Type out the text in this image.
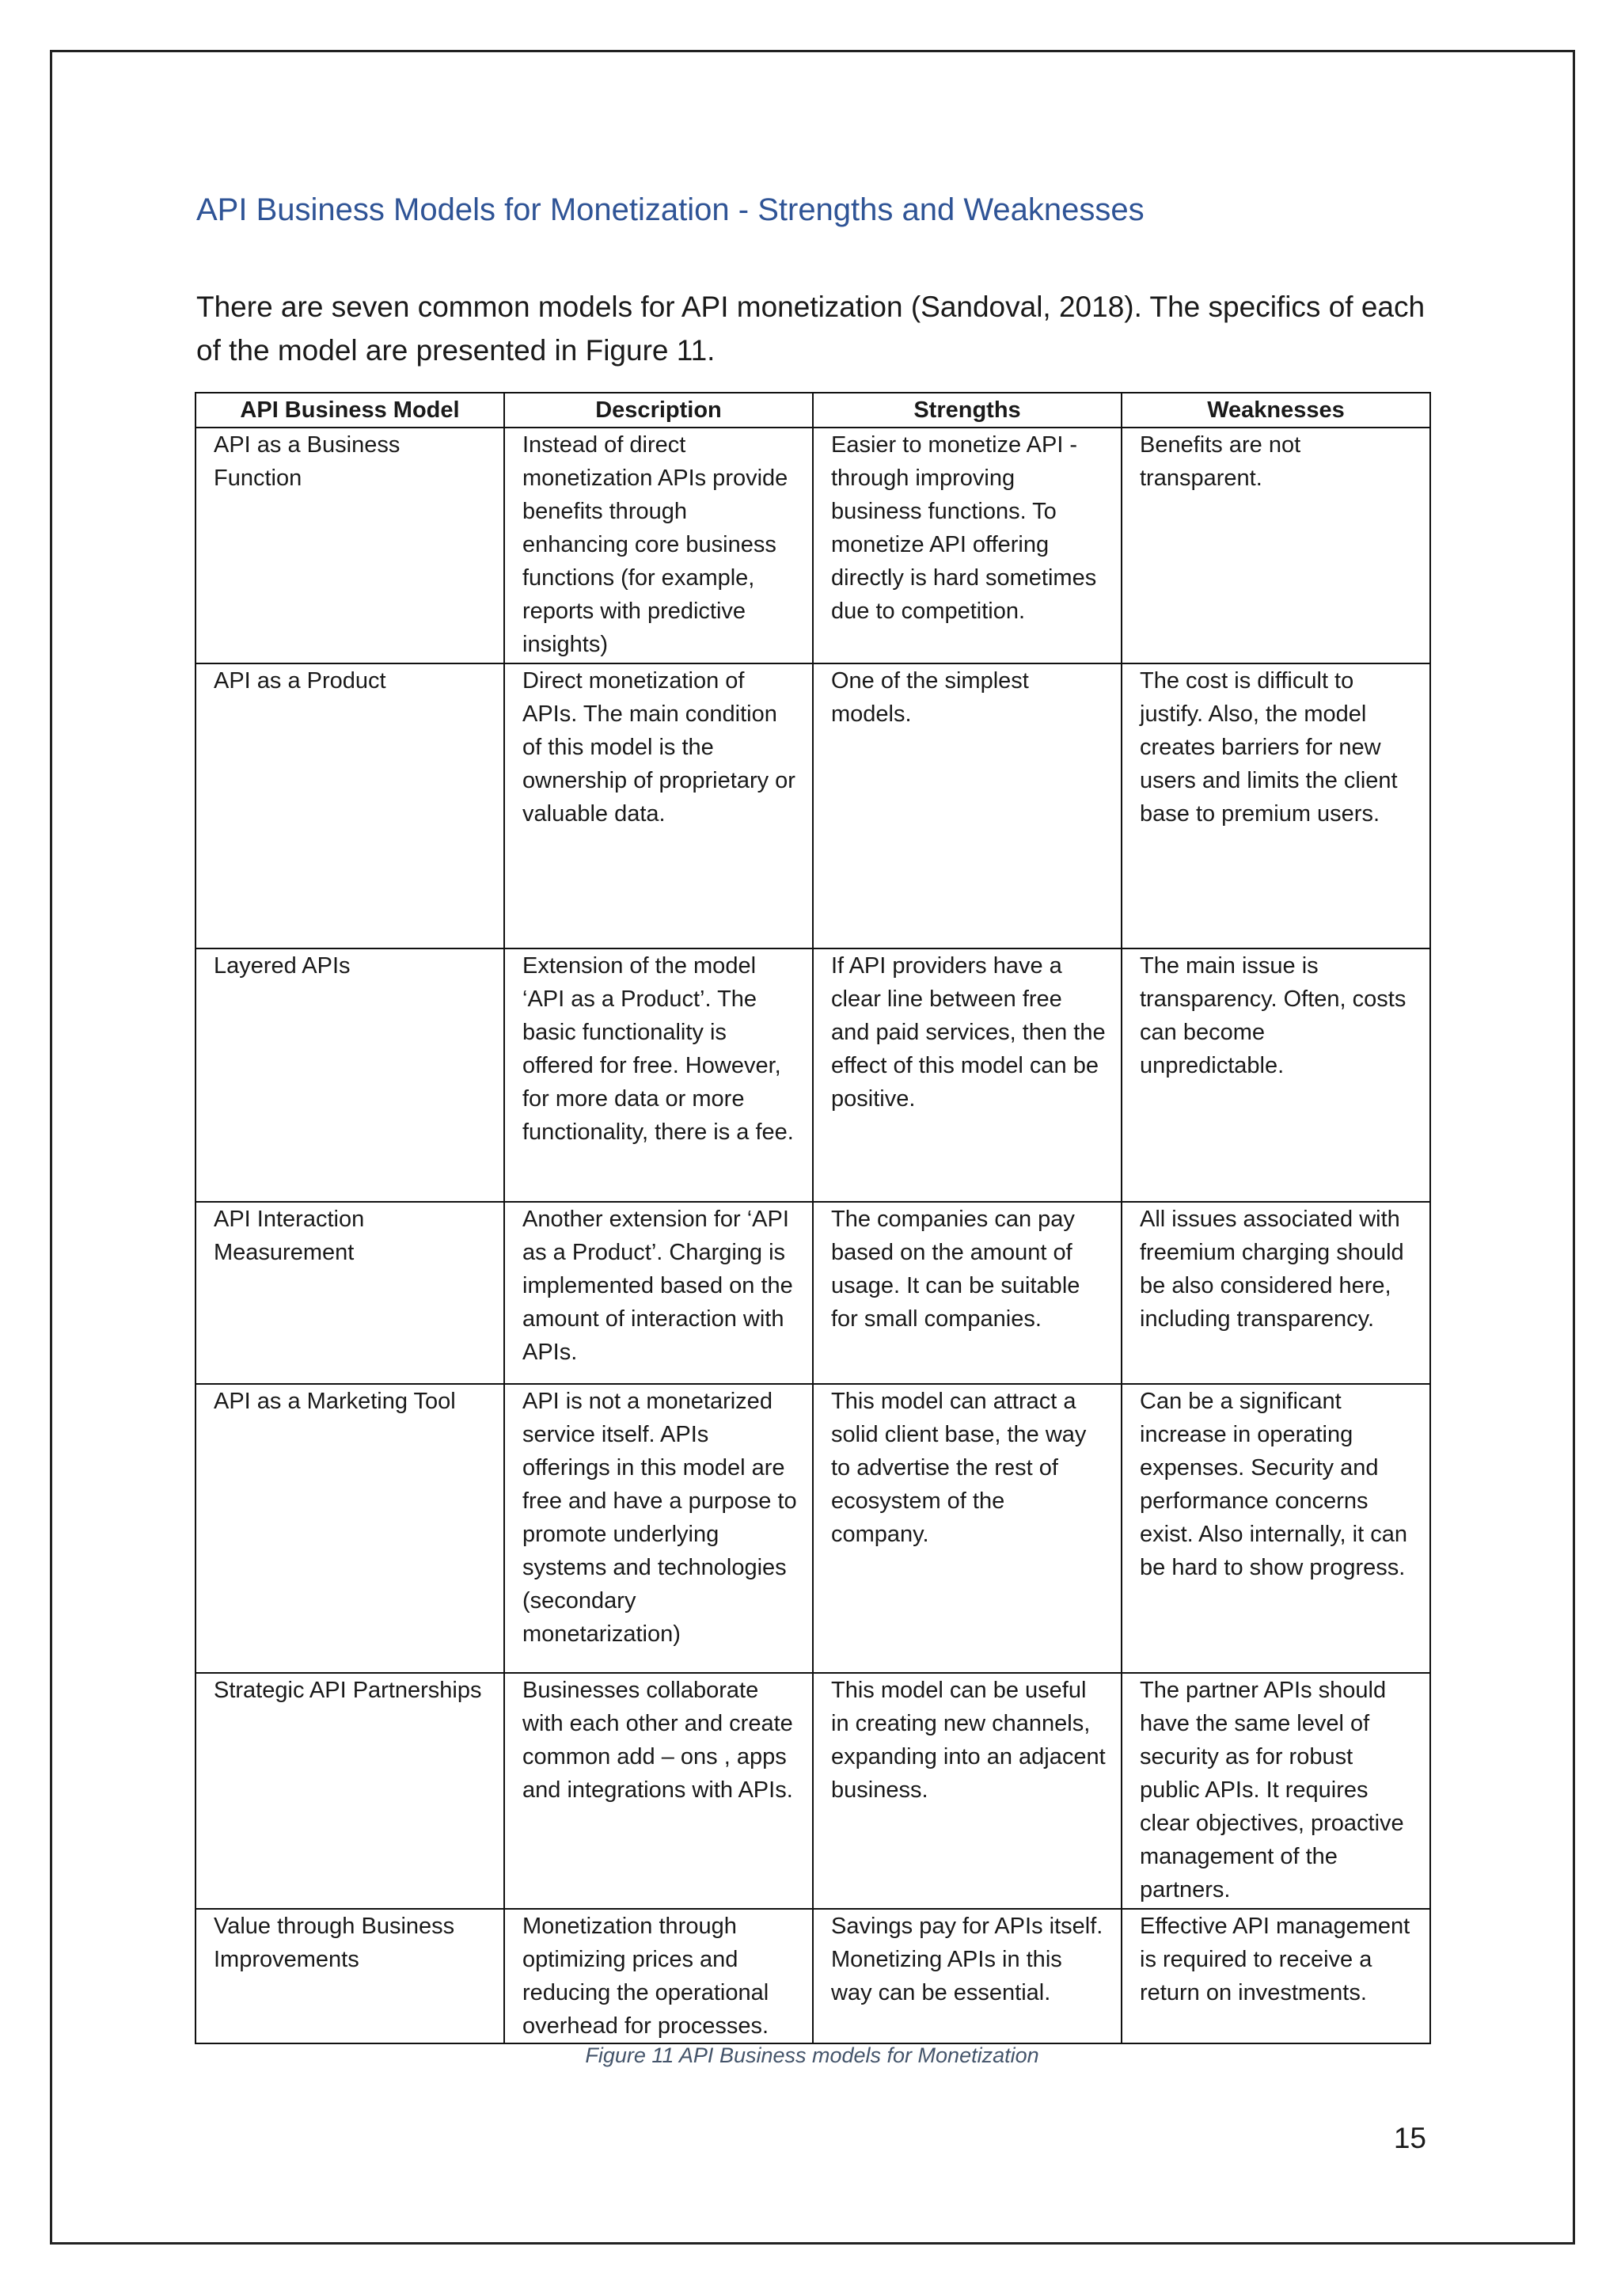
API Business Models for Monetization - Strengths and Weaknesses

There are seven common models for API monetization (Sandoval, 2018). The specifics of each of the model are presented in Figure 11.

API Business Model	Description	Strengths	Weaknesses
API as a Business Function	Instead of direct monetization APIs provide benefits through enhancing core business functions (for example, reports with predictive insights)	Easier to monetize API - through improving business functions. To monetize API offering directly is hard sometimes due to competition.	Benefits are not transparent.
API as a Product	Direct monetization of APIs. The main condition of this model is the ownership of proprietary or valuable data.	One of the simplest models.	The cost is difficult to justify. Also, the model creates barriers for new users and limits the client base to premium users.
Layered APIs	Extension of the model ‘API as a Product’. The basic functionality is offered for free. However, for more data or more functionality, there is a fee.	If API providers have a clear line between free and paid services, then the effect of this model can be positive.	The main issue is transparency. Often, costs can become unpredictable.
API Interaction Measurement	Another extension for ‘API as a Product’. Charging is implemented based on the amount of interaction with APIs.	The companies can pay based on the amount of usage. It can be suitable for small companies.	All issues associated with freemium charging should be also considered here, including transparency.
API as a Marketing Tool	API is not a monetarized service itself. APIs offerings in this model are free and have a purpose to promote underlying systems and technologies (secondary monetarization)	This model can attract a solid client base, the way to advertise the rest of ecosystem of the company.	Can be a significant increase in operating expenses. Security and performance concerns exist. Also internally, it can be hard to show progress.
Strategic API Partnerships	Businesses collaborate with each other and create common add – ons , apps and integrations with APIs.	This model can be useful in creating new channels, expanding into an adjacent business.	The partner APIs should have the same level of security as for robust public APIs. It requires clear objectives, proactive management of the partners.
Value through Business Improvements	Monetization through optimizing prices and reducing the operational overhead for processes.	Savings pay for APIs itself. Monetizing APIs in this way can be essential.	Effective API management is required to receive a return on investments.

Figure 11 API Business models for Monetization

15
